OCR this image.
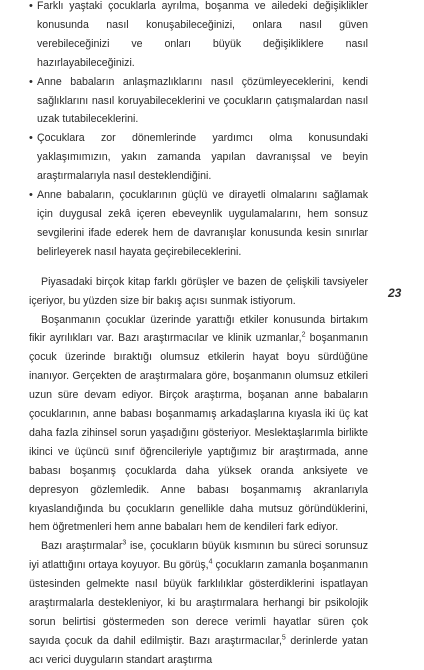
• Farklı yaştaki çocuklarla ayrılma, boşanma ve ailedeki değişiklikler konusunda nasıl konuşabileceğinizi, onlara nasıl güven verebileceğinizi ve onları büyük değişikliklere nasıl hazırlayabileceğinizi.
• Anne babaların anlaşmazlıklarını nasıl çözümleyeceklerini, kendi sağlıklarını nasıl koruyabileceklerini ve çocukların çatışmalardan nasıl uzak tutabileceklerini.
• Çocuklara zor dönemlerinde yardımcı olma konusundaki yaklaşımımızın, yakın zamanda yapılan davranışsal ve beyin araştırmalarıyla nasıl desteklendiğini.
• Anne babaların, çocuklarının güçlü ve dirayetli olmalarını sağlamak için duygusal zekâ içeren ebeveynlik uygulamalarını, hem sonsuz sevgilerini ifade ederek hem de davranışlar konusunda kesin sınırlar belirleyerek nasıl hayata geçirebileceklerini.

Piyasadaki birçok kitap farklı görüşler ve bazen de çelişkili tavsiyeler içeriyor, bu yüzden size bir bakış açısı sunmak istiyorum.

Boşanmanın çocuklar üzerinde yarattığı etkiler konusunda birtakım fikir ayrılıkları var. Bazı araştırmacılar ve klinik uzmanlar,$^2$ boşanmanın çocuk üzerinde bıraktığı olumsuz etkilerin hayat boyu sürdüğüne inanıyor. Gerçekten de araştırmalara göre, boşanmanın olumsuz etkileri uzun süre devam ediyor. Birçok araştırma, boşanan anne babaların çocuklarının, anne babası boşanmamış arkadaşlarına kıyasla iki üç kat daha fazla zihinsel sorun yaşadığını gösteriyor. Meslektaşlarımla birlikte ikinci ve üçüncü sınıf öğrencileriyle yaptığımız bir araştırmada, anne babası boşanmış çocuklarda daha yüksek oranda anksiyete ve depresyon gözlemledik. Anne babası boşanmamış akranlarıyla kıyaslandığında bu çocukların genellikle daha mutsuz göründüklerini, hem öğretmenleri hem anne babaları hem de kendileri fark ediyor.

Bazı araştırmalar$^3$ ise, çocukların büyük kısmının bu süreci sorunsuz iyi atlattığını ortaya koyuyor. Bu görüş,$^4$ çocukların zamanla boşanmanın üstesinden gelmekte nasıl büyük farklılıklar gösterdiklerini ispatlayan araştırmalarla destekleniyor, ki bu araştırmalara herhangi bir psikolojik sorun belirtisi göstermeden son derece verimli hayatlar süren çok sayıda çocuk da dahil edilmiştir. Bazı araştırmacılar,$^5$ derinlerde yatan acı verici duyguların standart araştırma

23
